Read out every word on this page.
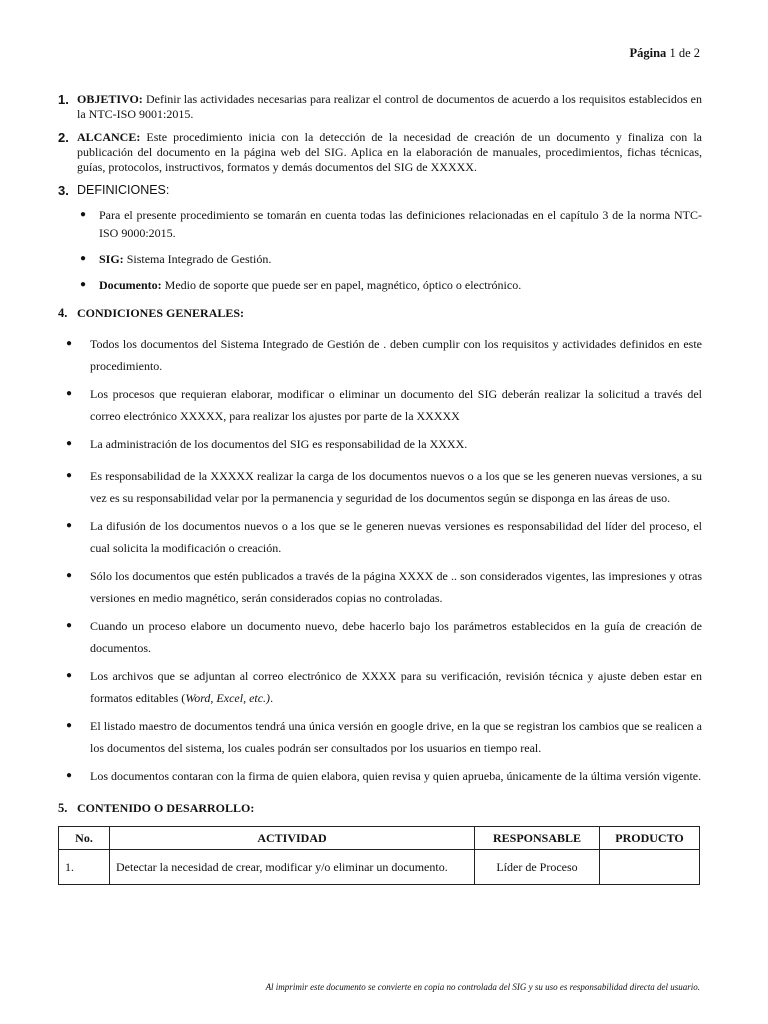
Página 1 de 2
1. OBJETIVO: Definir las actividades necesarias para realizar el control de documentos de acuerdo a los requisitos establecidos en la NTC-ISO 9001:2015.
2. ALCANCE: Este procedimiento inicia con la detección de la necesidad de creación de un documento y finaliza con la publicación del documento en la página web del SIG. Aplica en la elaboración de manuales, procedimientos, fichas técnicas, guías, protocolos, instructivos, formatos y demás documentos del SIG de XXXXX.
3. DEFINICIONES:
● Para el presente procedimiento se tomarán en cuenta todas las definiciones relacionadas en el capítulo 3 de la norma NTC-ISO 9000:2015.
● SIG: Sistema Integrado de Gestión.
● Documento: Medio de soporte que puede ser en papel, magnético, óptico o electrónico.
4. CONDICIONES GENERALES:
● Todos los documentos del Sistema Integrado de Gestión de . deben cumplir con los requisitos y actividades definidos en este procedimiento.
● Los procesos que requieran elaborar, modificar o eliminar un documento del SIG deberán realizar la solicitud a través del correo electrónico XXXXX, para realizar los ajustes por parte de la XXXXX
● La administración de los documentos del SIG es responsabilidad de la XXXX.
● Es responsabilidad de la XXXXX realizar la carga de los documentos nuevos o a los que se les generen nuevas versiones, a su vez es su responsabilidad velar por la permanencia y seguridad de los documentos según se disponga en las áreas de uso.
● La difusión de los documentos nuevos o a los que se le generen nuevas versiones es responsabilidad del líder del proceso, el cual solicita la modificación o creación.
● Sólo los documentos que estén publicados a través de la página XXXX de .. son considerados vigentes, las impresiones y otras versiones en medio magnético, serán considerados copias no controladas.
● Cuando un proceso elabore un documento nuevo, debe hacerlo bajo los parámetros establecidos en la guía de creación de documentos.
● Los archivos que se adjuntan al correo electrónico de XXXX para su verificación, revisión técnica y ajuste deben estar en formatos editables (Word, Excel, etc.).
● El listado maestro de documentos tendrá una única versión en google drive, en la que se registran los cambios que se realicen a los documentos del sistema, los cuales podrán ser consultados por los usuarios en tiempo real.
● Los documentos contaran con la firma de quien elabora, quien revisa y quien aprueba, únicamente de la última versión vigente.
5. CONTENIDO O DESARROLLO:
No.	ACTIVIDAD	RESPONSABLE	PRODUCTO
1.	Detectar la necesidad de crear, modificar y/o eliminar un documento.	Líder de Proceso	
Al imprimir este documento se convierte en copia no controlada del SIG y su uso es responsabilidad directa del usuario.
